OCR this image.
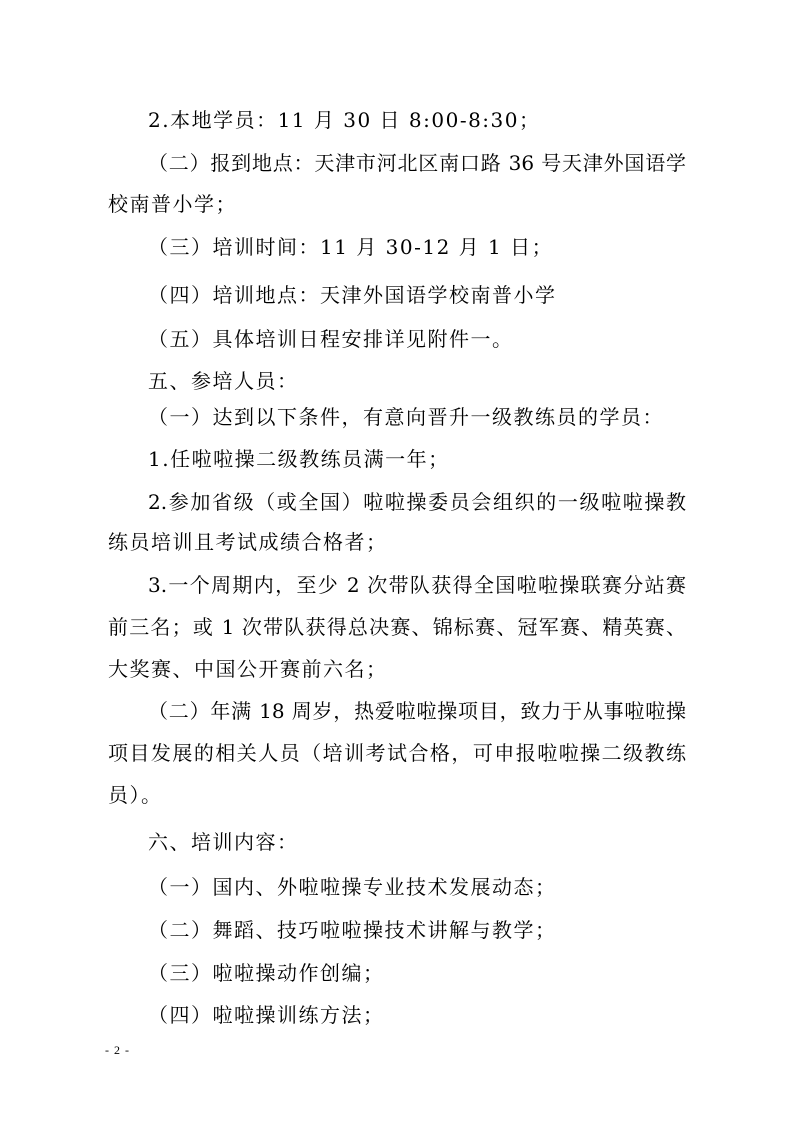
2.本地学员：11 月 30 日 8:00-8:30；

（二）报到地点：天津市河北区南口路 36 号天津外国语学

校南普小学；

（三）培训时间：11 月 30-12 月 1 日；

（四）培训地点：天津外国语学校南普小学

（五）具体培训日程安排详见附件一。

五、参培人员：

（一）达到以下条件，有意向晋升一级教练员的学员：

1.任啦啦操二级教练员满一年；

2.参加省级（或全国）啦啦操委员会组织的一级啦啦操教

练员培训且考试成绩合格者；

3.一个周期内，至少 2 次带队获得全国啦啦操联赛分站赛

前三名；或 1 次带队获得总决赛、锦标赛、冠军赛、精英赛、

大奖赛、中国公开赛前六名；

（二）年满 18 周岁，热爱啦啦操项目，致力于从事啦啦操

项目发展的相关人员（培训考试合格，可申报啦啦操二级教练

员）。

六、培训内容：

（一）国内、外啦啦操专业技术发展动态；

（二）舞蹈、技巧啦啦操技术讲解与教学；

（三）啦啦操动作创编；

（四）啦啦操训练方法；

- 2 -
